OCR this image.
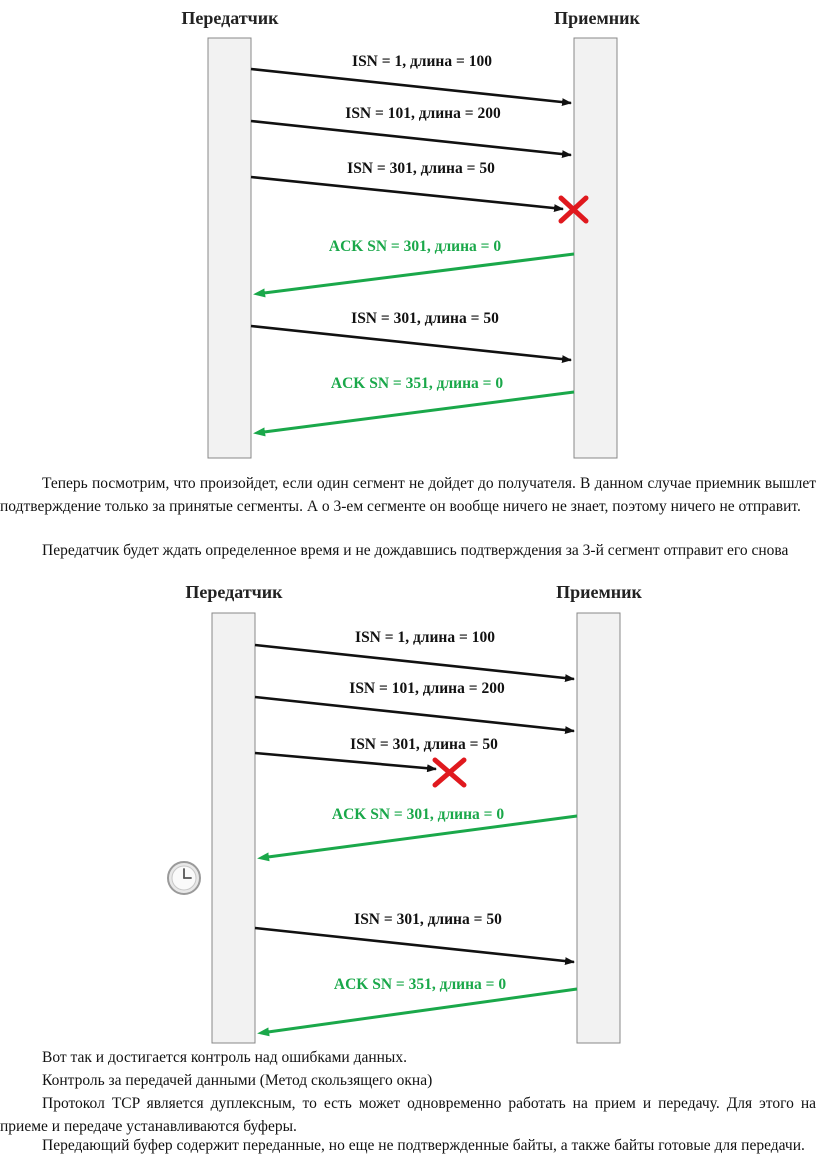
Передатчик	Приемник
ISN = 1, длина = 100
ISN = 101, длина = 200
ISN = 301, длина = 50
ACK SN = 301, длина = 0
ISN = 301, длина = 50
ACK SN = 351, длина = 0

Теперь посмотрим, что произойдет, если один сегмент не дойдет до получателя. В данном случае приемник вышлет подтверждение только за принятые сегменты. А о 3-ем сегменте он вообще ничего не знает, поэтому ничего не отправит.

Передатчик будет ждать определенное время и не дождавшись подтверждения за 3-й сегмент отправит его снова

Передатчик	Приемник
ISN = 1, длина = 100
ISN = 101, длина = 200
ISN = 301, длина = 50
ACK SN = 301, длина = 0
ISN = 301, длина = 50
ACK SN = 351, длина = 0

Вот так и достигается контроль над ошибками данных.

Контроль за передачей данными (Метод скользящего окна)

Протокол TCP является дуплексным, то есть может одновременно работать на прием и передачу. Для этого на приеме и передаче устанавливаются буферы.

Передающий буфер содержит переданные, но еще не подтвержденные байты, а также байты готовые для передачи.
